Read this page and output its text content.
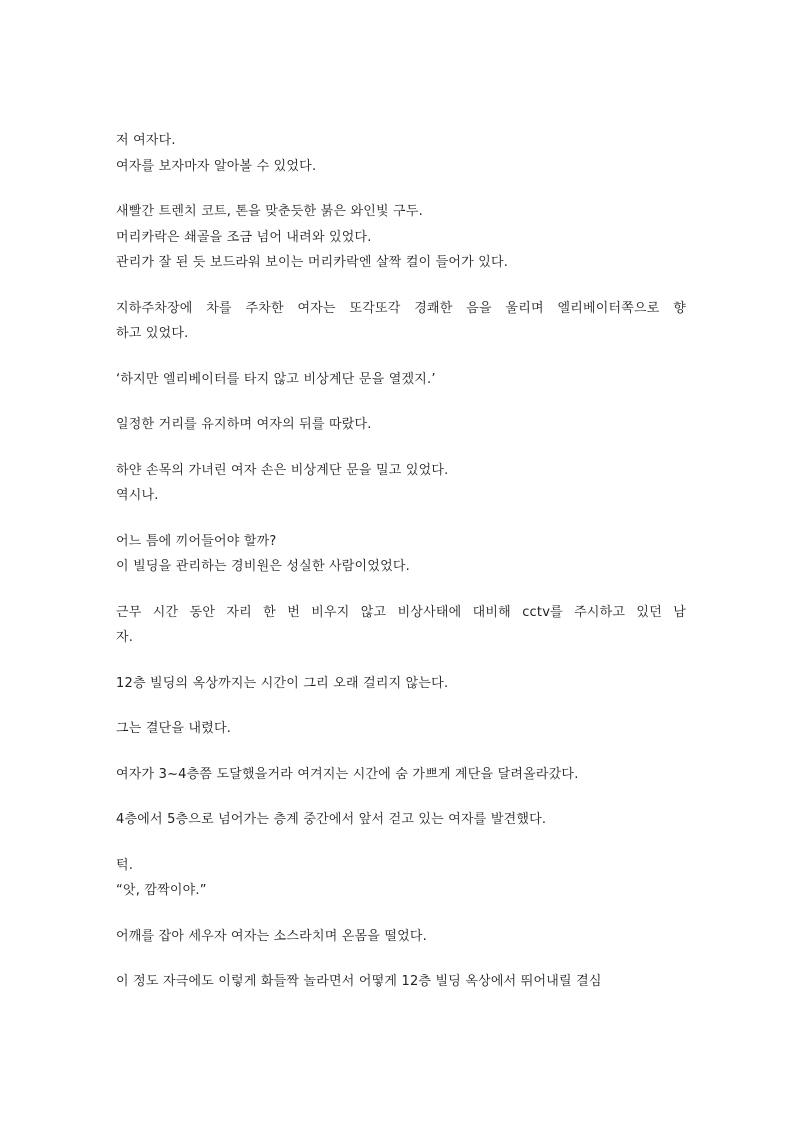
저 여자다.
여자를 보자마자 알아볼 수 있었다.

새빨간 트렌치 코트, 톤을 맞춘듯한 붉은 와인빛 구두.
머리카락은 쇄골을 조금 넘어 내려와 있었다.
관리가 잘 된 듯 보드라워 보이는 머리카락엔 살짝 컬이 들어가 있다.

지하주차장에 차를 주차한 여자는 또각또각 경쾌한 음을 울리며 엘리베이터쪽으로 향
하고 있었다.

‘하지만 엘리베이터를 타지 않고 비상계단 문을 열겠지.’

일정한 거리를 유지하며 여자의 뒤를 따랐다.

하얀 손목의 가녀린 여자 손은 비상계단 문을 밀고 있었다.
역시나.

어느 틈에 끼어들어야 할까?
이 빌딩을 관리하는 경비원은 성실한 사람이었었다.

근무 시간 동안 자리 한 번 비우지 않고 비상사태에 대비해 cctv를 주시하고 있던 남
자.

12층 빌딩의 옥상까지는 시간이 그리 오래 걸리지 않는다.

그는 결단을 내렸다.

여자가 3~4층쯤 도달했을거라 여겨지는 시간에 숨 가쁘게 계단을 달려올라갔다.

4층에서 5층으로 넘어가는 층계 중간에서 앞서 걷고 있는 여자를 발견했다.

턱.
“앗, 깜짝이야.”

어깨를 잡아 세우자 여자는 소스라치며 온몸을 떨었다.

이 정도 자극에도 이렇게 화들짝 놀라면서 어떻게 12층 빌딩 옥상에서 뛰어내릴 결심
